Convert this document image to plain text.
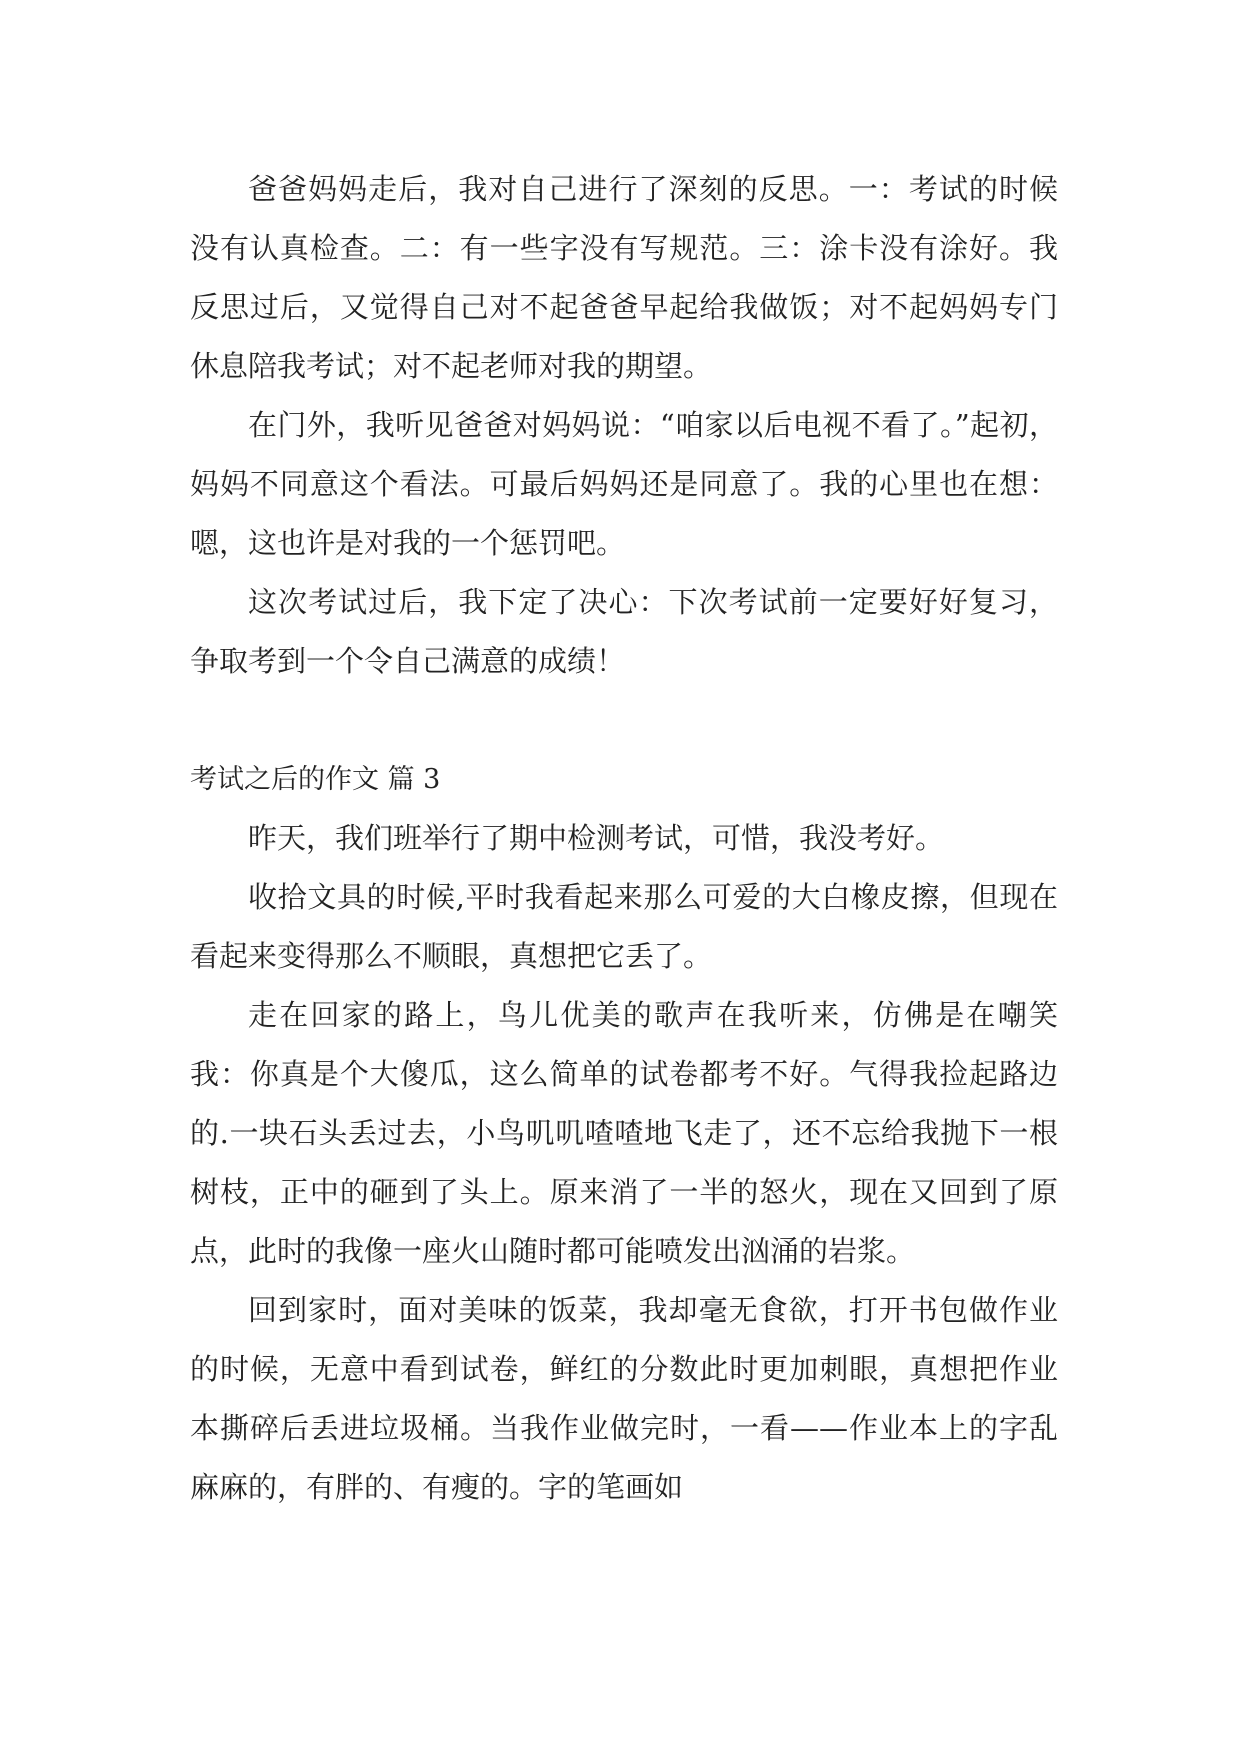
爸爸妈妈走后，我对自己进行了深刻的反思。一：考试的时候没有认真检查。二：有一些字没有写规范。三：涂卡没有涂好。我反思过后，又觉得自己对不起爸爸早起给我做饭；对不起妈妈专门休息陪我考试；对不起老师对我的期望。

在门外，我听见爸爸对妈妈说：“咱家以后电视不看了。”起初，妈妈不同意这个看法。可最后妈妈还是同意了。我的心里也在想：嗯，这也许是对我的一个惩罚吧。

这次考试过后，我下定了决心：下次考试前一定要好好复习，争取考到一个令自己满意的成绩！

考试之后的作文 篇 3

昨天，我们班举行了期中检测考试，可惜，我没考好。

收拾文具的时候,平时我看起来那么可爱的大白橡皮擦，但现在看起来变得那么不顺眼，真想把它丢了。

走在回家的路上，鸟儿优美的歌声在我听来，仿佛是在嘲笑我：你真是个大傻瓜，这么简单的试卷都考不好。气得我捡起路边的.一块石头丢过去，小鸟叽叽喳喳地飞走了，还不忘给我抛下一根树枝，正中的砸到了头上。原来消了一半的怒火，现在又回到了原点，此时的我像一座火山随时都可能喷发出汹涌的岩浆。

回到家时，面对美味的饭菜，我却毫无食欲，打开书包做作业的时候，无意中看到试卷，鲜红的分数此时更加刺眼，真想把作业本撕碎后丢进垃圾桶。当我作业做完时，一看——作业本上的字乱麻麻的，有胖的、有瘦的。字的笔画如
